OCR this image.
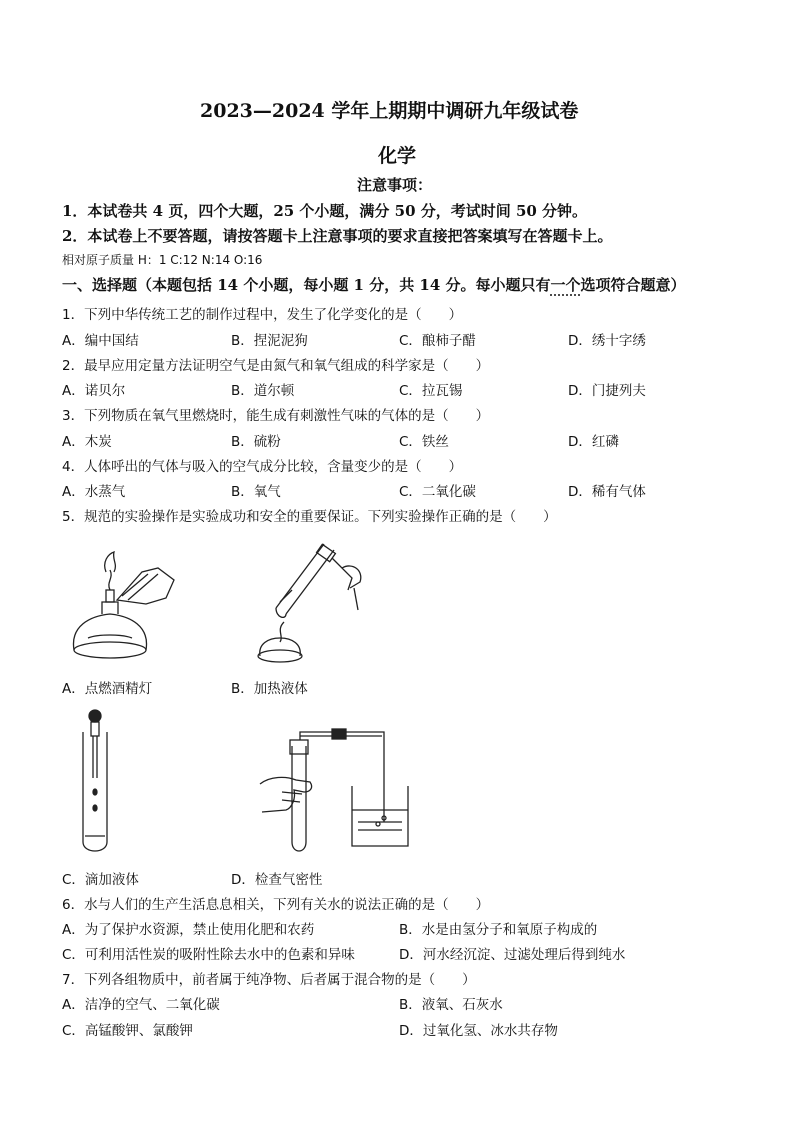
2023—2024 学年上期期中调研九年级试卷
化学
注意事项：
1．本试卷共 4 页，四个大题，25 个小题，满分 50 分，考试时间 50 分钟。
2．本试卷上不要答题，请按答题卡上注意事项的要求直接把答案填写在答题卡上。
相对原子质量 H：1 C:12 N:14 O:16
一、选择题（本题包括 14 个小题，每小题 1 分，共 14 分。每小题只有一个选项符合题意）
1．下列中华传统工艺的制作过程中，发生了化学变化的是（　　）
A．编中国结	B．捏泥泥狗	C．酿柿子醋	D．绣十字绣
2．最早应用定量方法证明空气是由氮气和氧气组成的科学家是（　　）
A．诺贝尔	B．道尔顿	C．拉瓦锡	D．门捷列夫
3．下列物质在氧气里燃烧时，能生成有刺激性气味的气体的是（　　）
A．木炭	B．硫粉	C．铁丝	D．红磷
4．人体呼出的气体与吸入的空气成分比较，含量变少的是（　　）
A．水蒸气	B．氧气	C．二氧化碳	D．稀有气体
5．规范的实验操作是实验成功和安全的重要保证。下列实验操作正确的是（　　）
A．点燃酒精灯	B．加热液体
C．滴加液体	D．检查气密性
6．水与人们的生产生活息息相关，下列有关水的说法正确的是（　　）
A．为了保护水资源，禁止使用化肥和农药	B．水是由氢分子和氧原子构成的
C．可利用活性炭的吸附性除去水中的色素和异味	D．河水经沉淀、过滤处理后得到纯水
7．下列各组物质中，前者属于纯净物、后者属于混合物的是（　　）
A．洁净的空气、二氧化碳	B．液氧、石灰水
C．高锰酸钾、氯酸钾	D．过氧化氢、冰水共存物
